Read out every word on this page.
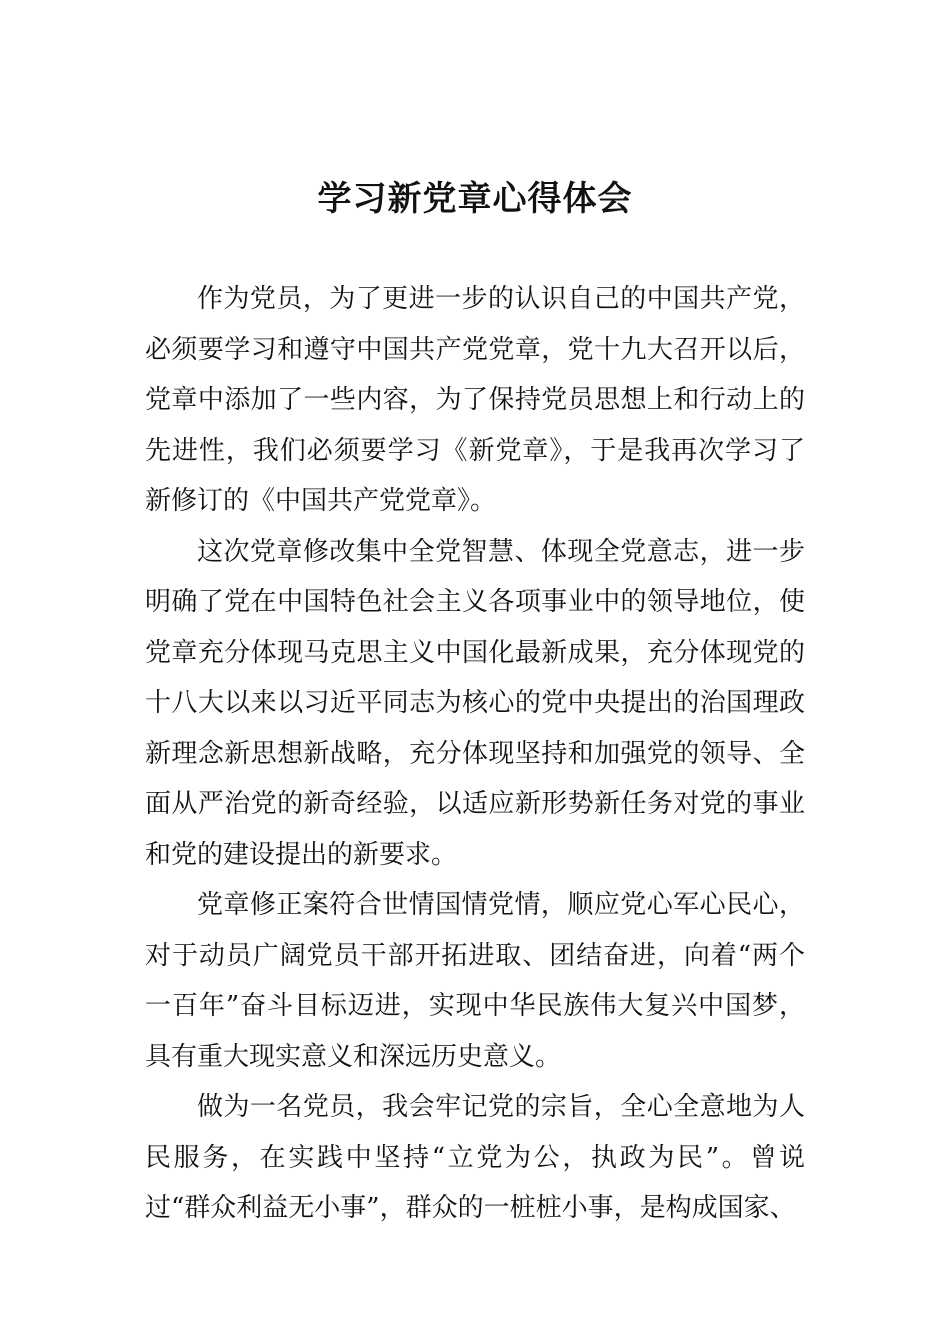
学习新党章心得体会

作为党员，为了更进一步的认识自己的中国共产党，必须要学习和遵守中国共产党党章，党十九大召开以后，党章中添加了一些内容，为了保持党员思想上和行动上的先进性，我们必须要学习《新党章》，于是我再次学习了新修订的《中国共产党党章》。

这次党章修改集中全党智慧、体现全党意志，进一步明确了党在中国特色社会主义各项事业中的领导地位，使党章充分体现马克思主义中国化最新成果，充分体现党的十八大以来以习近平同志为核心的党中央提出的治国理政新理念新思想新战略，充分体现坚持和加强党的领导、全面从严治党的新奇经验，以适应新形势新任务对党的事业和党的建设提出的新要求。

党章修正案符合世情国情党情，顺应党心军心民心，对于动员广阔党员干部开拓进取、团结奋进，向着“两个一百年”奋斗目标迈进，实现中华民族伟大复兴中国梦，具有重大现实意义和深远历史意义。

做为一名党员，我会牢记党的宗旨，全心全意地为人民服务，在实践中坚持“立党为公，执政为民”。曾说过“群众利益无小事”，群众的一桩桩小事，是构成国家、
